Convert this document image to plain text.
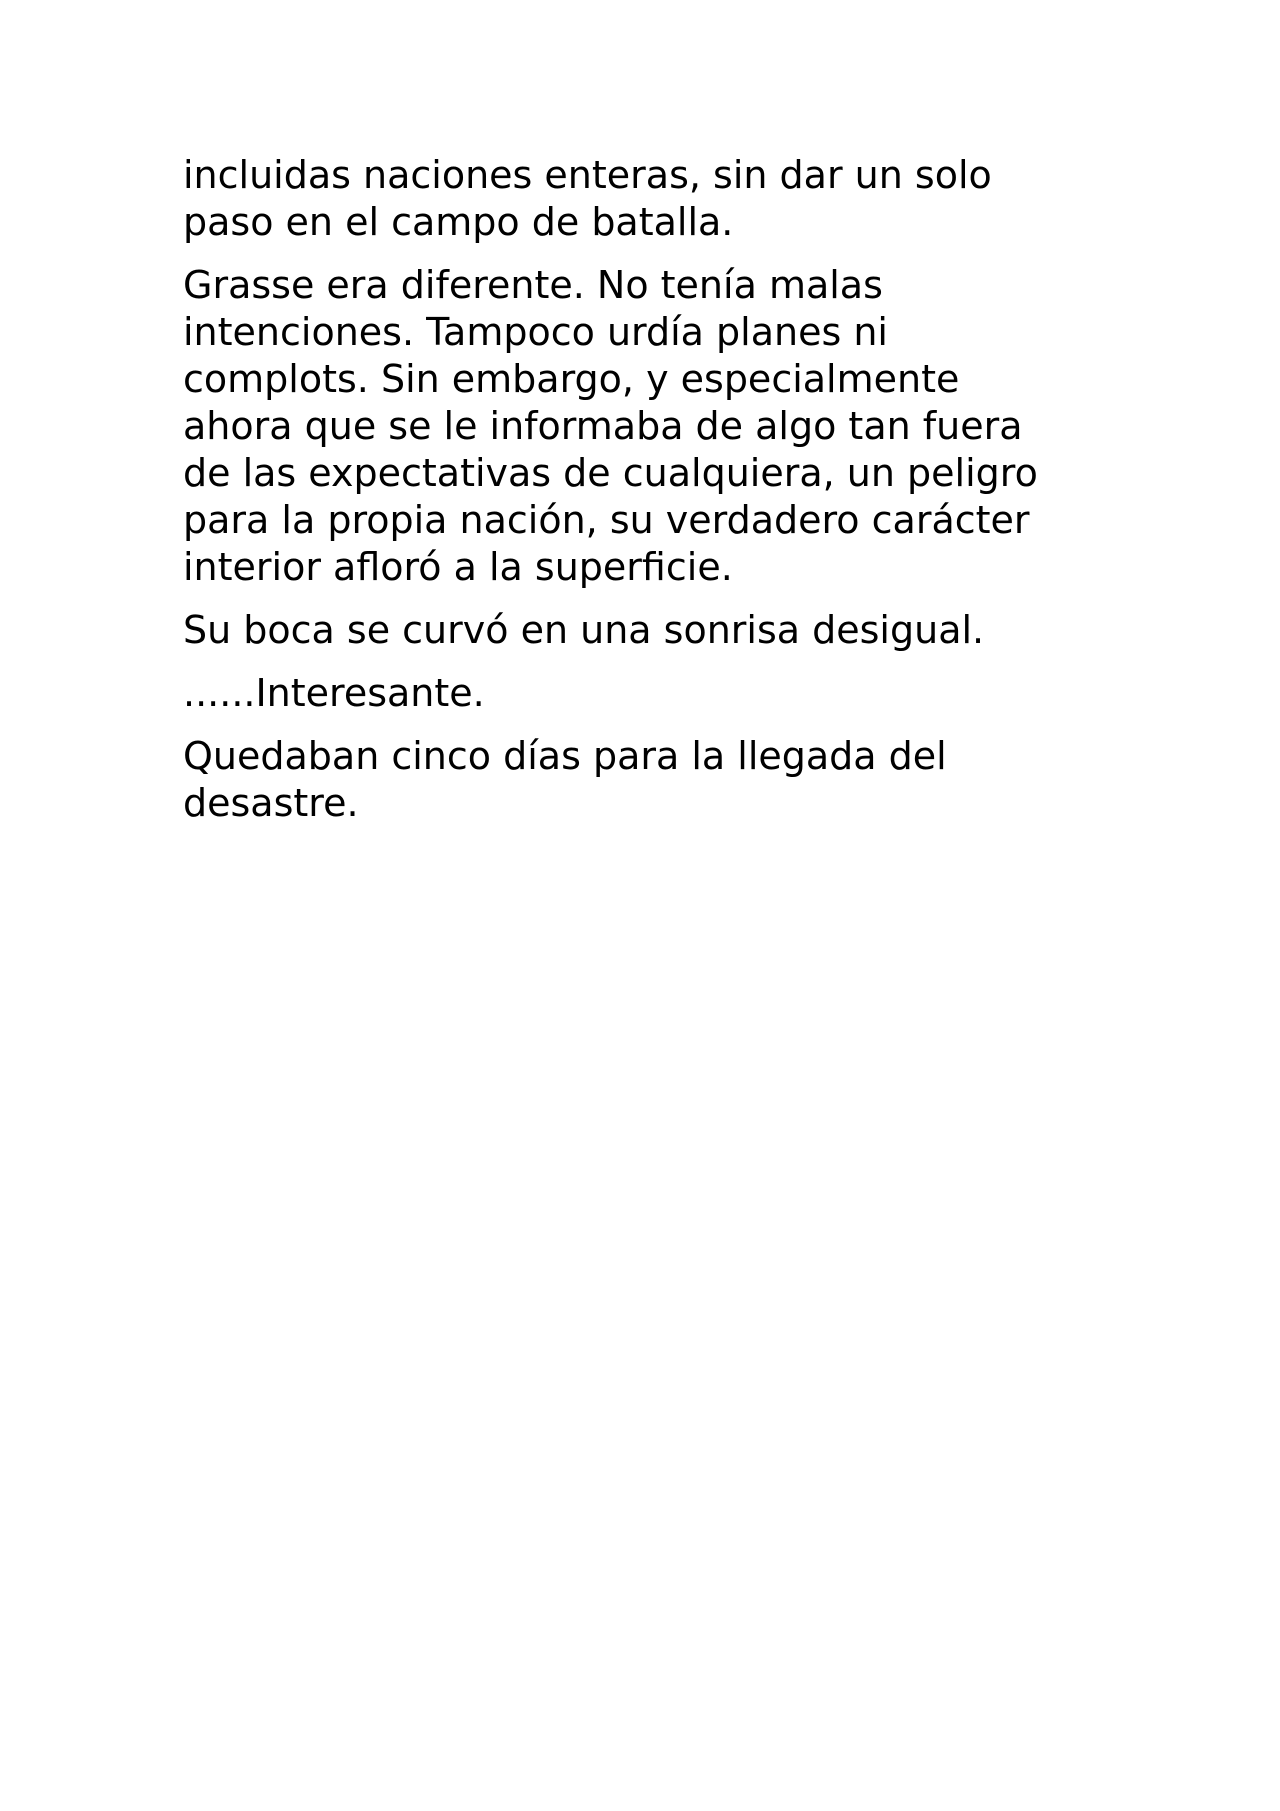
incluidas naciones enteras, sin dar un solo
paso en el campo de batalla.

Grasse era diferente. No tenía malas
intenciones. Tampoco urdía planes ni
complots. Sin embargo, y especialmente
ahora que se le informaba de algo tan fuera
de las expectativas de cualquiera, un peligro
para la propia nación, su verdadero carácter
interior afloró a la superficie.

Su boca se curvó en una sonrisa desigual.

......Interesante.

Quedaban cinco días para la llegada del
desastre.
